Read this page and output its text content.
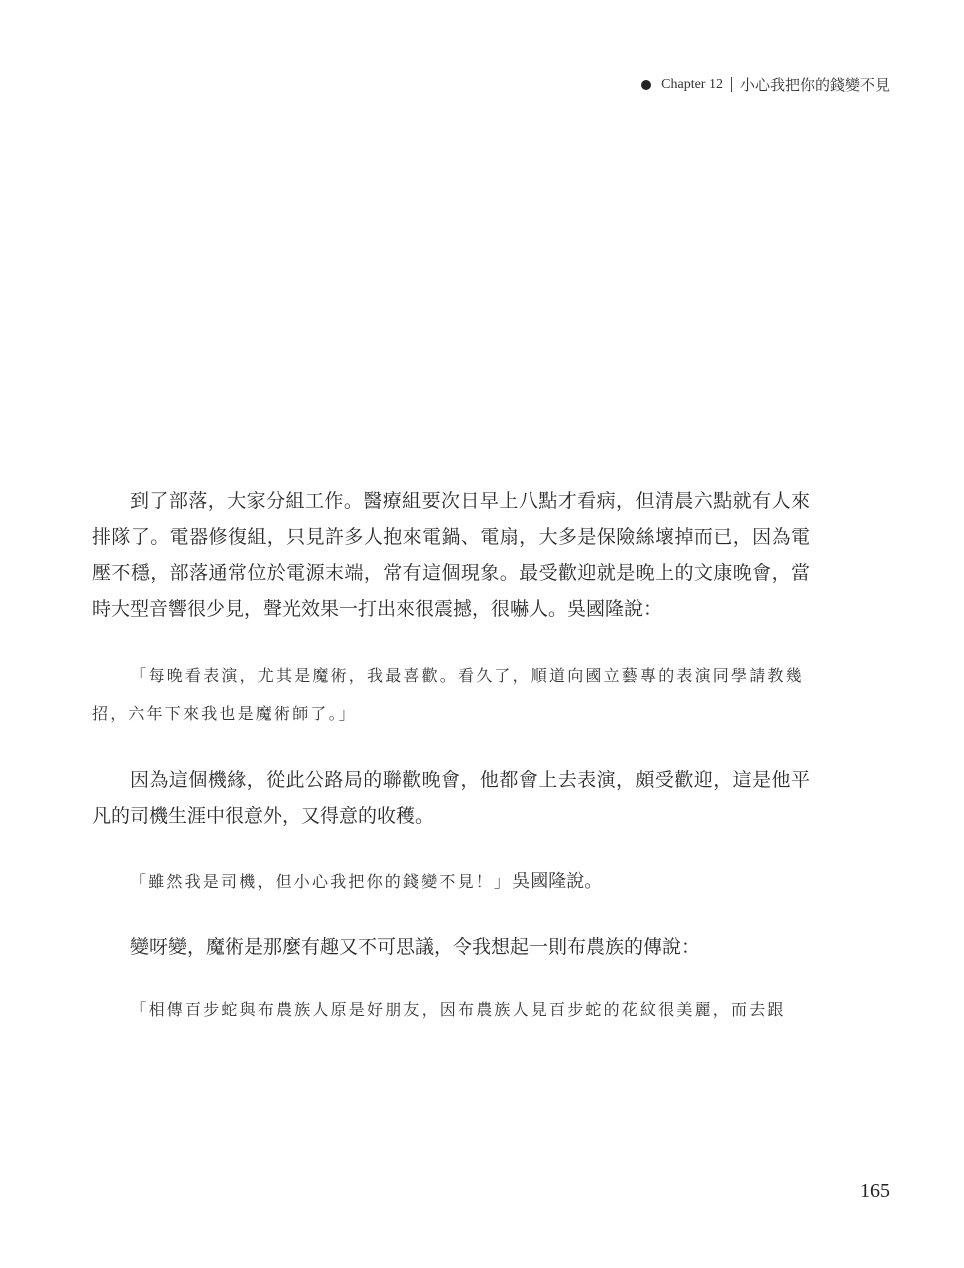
Chapter 12 小心我把你的錢變不見

到了部落，大家分組工作。醫療組要次日早上八點才看病，但清晨六點就有人來排隊了。電器修復組，只見許多人抱來電鍋、電扇，大多是保險絲壞掉而已，因為電壓不穩，部落通常位於電源末端，常有這個現象。最受歡迎就是晚上的文康晚會，當時大型音響很少見，聲光效果一打出來很震撼，很嚇人。吳國隆說：

「每晚看表演，尤其是魔術，我最喜歡。看久了，順道向國立藝專的表演同學請教幾招，六年下來我也是魔術師了。」

因為這個機緣，從此公路局的聯歡晚會，他都會上去表演，頗受歡迎，這是他平凡的司機生涯中很意外，又得意的收穫。

「雖然我是司機，但小心我把你的錢變不見！」吳國隆說。

變呀變，魔術是那麼有趣又不可思議，令我想起一則布農族的傳說：

「相傳百步蛇與布農族人原是好朋友，因布農族人見百步蛇的花紋很美麗，而去跟

165
